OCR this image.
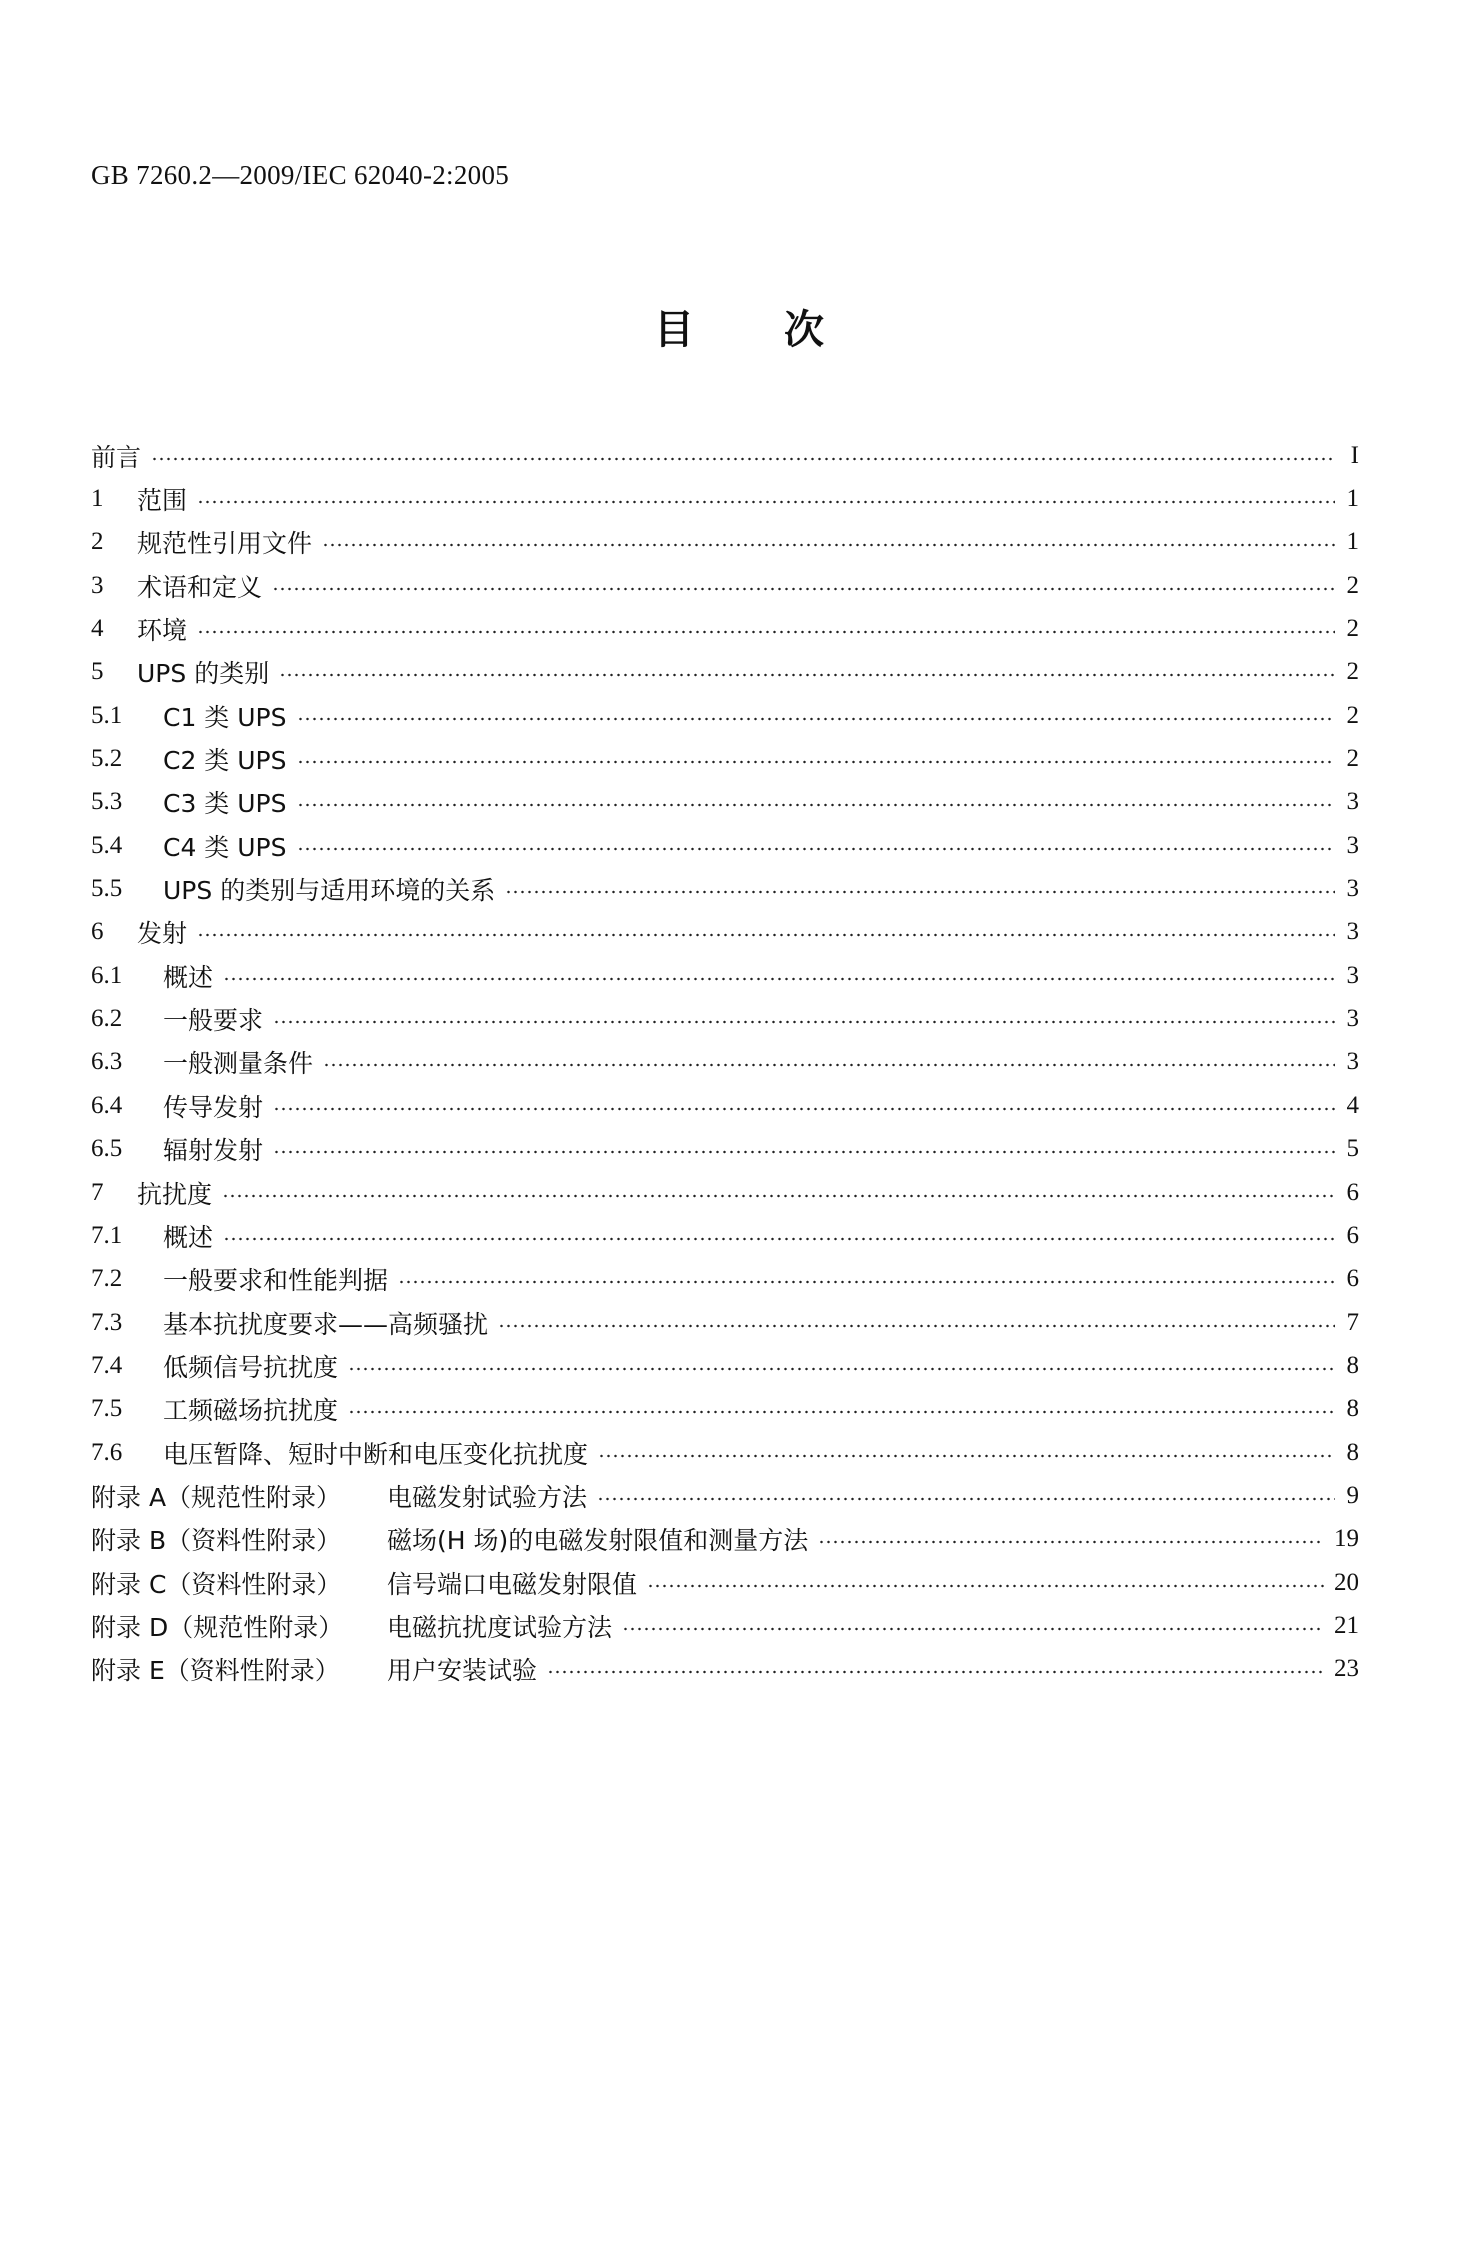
GB 7260.2—2009/IEC 62040-2:2005
目次
前言	I
1	范围	1
2	规范性引用文件	1
3	术语和定义	2
4	环境	2
5	UPS 的类别	2
5.1	C1 类 UPS	2
5.2	C2 类 UPS	2
5.3	C3 类 UPS	3
5.4	C4 类 UPS	3
5.5	UPS 的类别与适用环境的关系	3
6	发射	3
6.1	概述	3
6.2	一般要求	3
6.3	一般测量条件	3
6.4	传导发射	4
6.5	辐射发射	5
7	抗扰度	6
7.1	概述	6
7.2	一般要求和性能判据	6
7.3	基本抗扰度要求——高频骚扰	7
7.4	低频信号抗扰度	8
7.5	工频磁场抗扰度	8
7.6	电压暂降、短时中断和电压变化抗扰度	8
附录 A（规范性附录）	电磁发射试验方法	9
附录 B（资料性附录）	磁场(H 场)的电磁发射限值和测量方法	19
附录 C（资料性附录）	信号端口电磁发射限值	20
附录 D（规范性附录）	电磁抗扰度试验方法	21
附录 E（资料性附录）	用户安装试验	23
